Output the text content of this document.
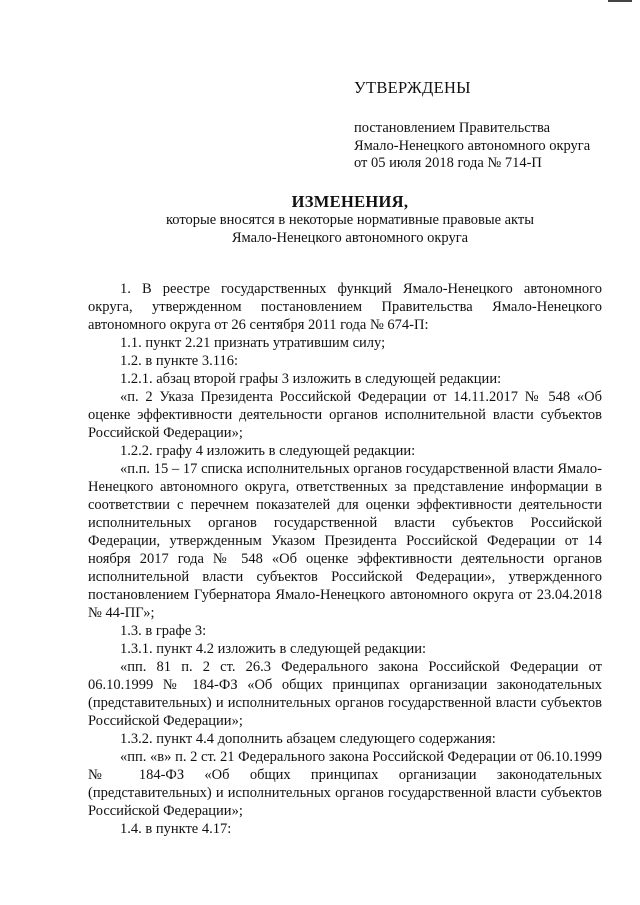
УТВЕРЖДЕНЫ
постановлением Правительства
Ямало-Ненецкого автономного округа
от 05 июля 2018 года № 714-П
ИЗМЕНЕНИЯ,
которые вносятся в некоторые нормативные правовые акты
Ямало-Ненецкого автономного округа
1. В реестре государственных функций Ямало-Ненецкого автономного округа, утвержденном постановлением Правительства Ямало-Ненецкого автономного округа от 26 сентября 2011 года № 674-П:
1.1. пункт 2.21 признать утратившим силу;
1.2. в пункте 3.116:
1.2.1. абзац второй графы 3 изложить в следующей редакции:
«п. 2 Указа Президента Российской Федерации от 14.11.2017 № 548 «Об оценке эффективности деятельности органов исполнительной власти субъектов Российской Федерации»;
1.2.2. графу 4 изложить в следующей редакции:
«п.п. 15 – 17 списка исполнительных органов государственной власти Ямало-Ненецкого автономного округа, ответственных за представление информации в соответствии с перечнем показателей для оценки эффективности деятельности исполнительных органов государственной власти субъектов Российской Федерации, утвержденным Указом Президента Российской Федерации от 14 ноября 2017 года № 548 «Об оценке эффективности деятельности органов исполнительной власти субъектов Российской Федерации», утвержденного постановлением Губернатора Ямало-Ненецкого автономного округа от 23.04.2018 № 44-ПГ»;
1.3. в графе 3:
1.3.1. пункт 4.2 изложить в следующей редакции:
«пп. 81 п. 2 ст. 26.3 Федерального закона Российской Федерации от 06.10.1999 № 184-ФЗ «Об общих принципах организации законодательных (представительных) и исполнительных органов государственной власти субъектов Российской Федерации»;
1.3.2. пункт 4.4 дополнить абзацем следующего содержания:
«пп. «в» п. 2 ст. 21 Федерального закона Российской Федерации от 06.10.1999 № 184-ФЗ «Об общих принципах организации законодательных (представительных) и исполнительных органов государственной власти субъектов Российской Федерации»;
1.4. в пункте 4.17:
